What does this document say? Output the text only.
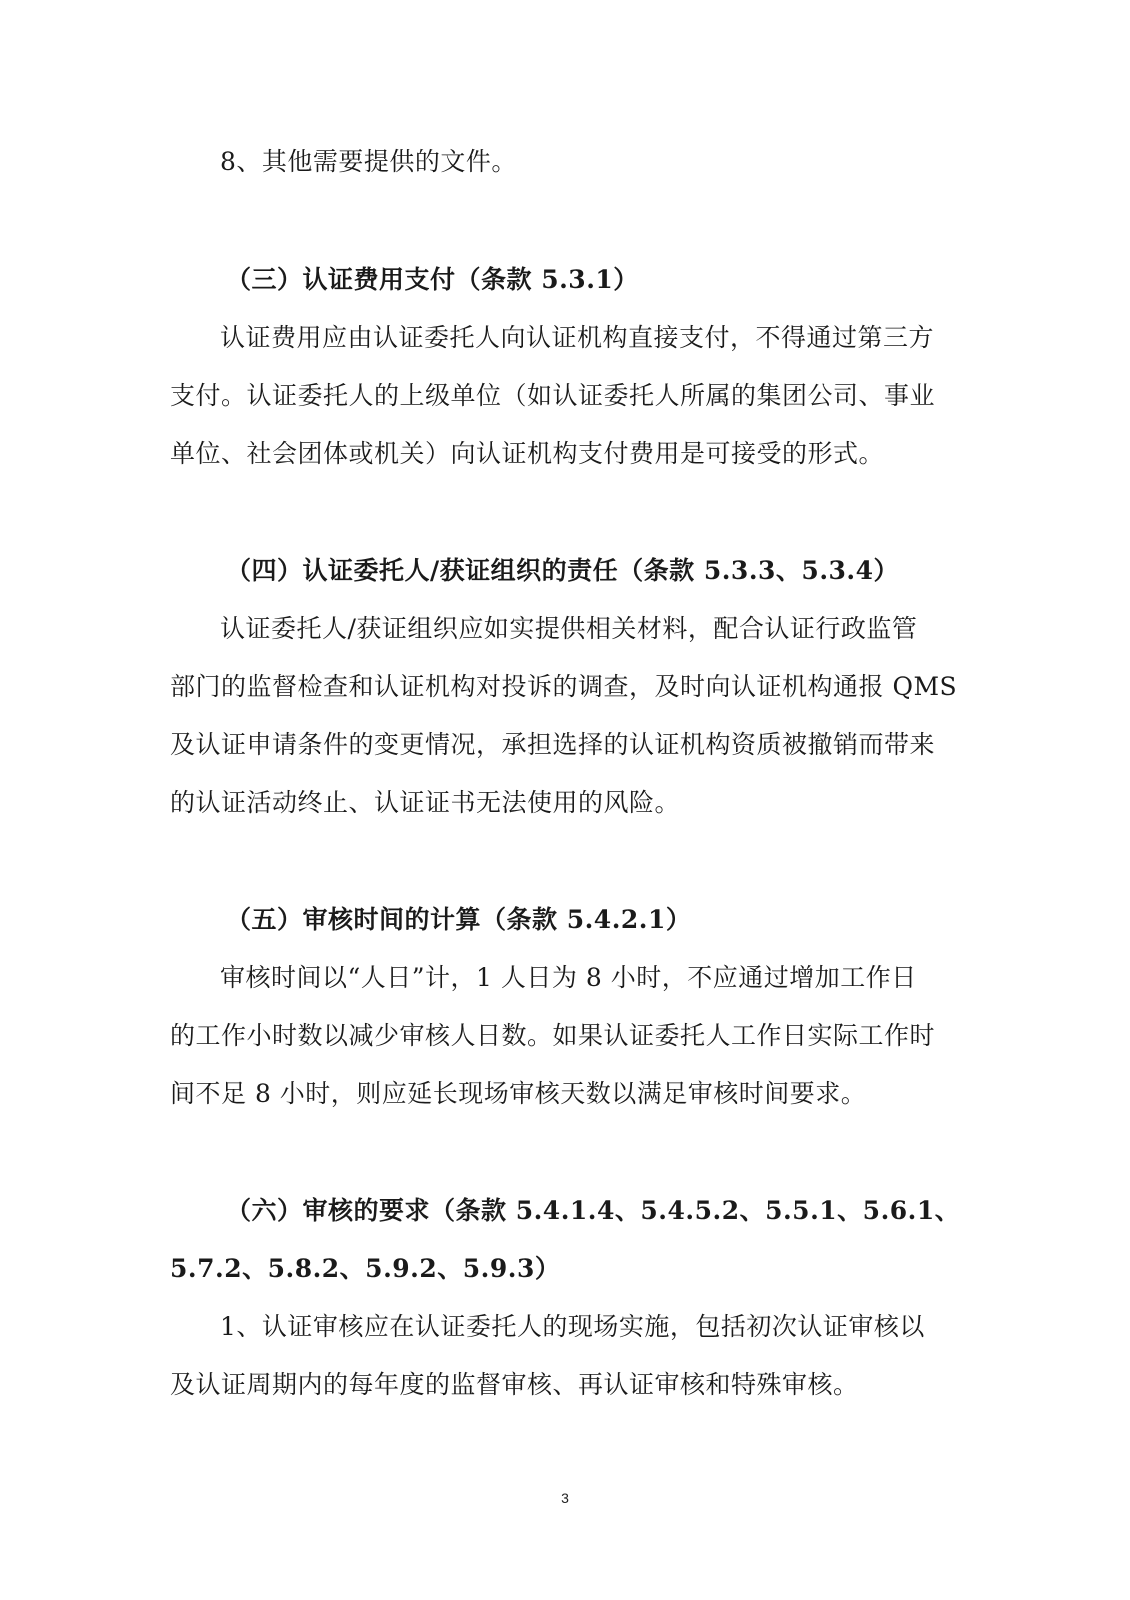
8、其他需要提供的文件。
（三）认证费用支付（条款 5.3.1）
认证费用应由认证委托人向认证机构直接支付，不得通过第三方
支付。认证委托人的上级单位（如认证委托人所属的集团公司、事业
单位、社会团体或机关）向认证机构支付费用是可接受的形式。
（四）认证委托人/获证组织的责任（条款 5.3.3、5.3.4）
认证委托人/获证组织应如实提供相关材料，配合认证行政监管
部门的监督检查和认证机构对投诉的调查，及时向认证机构通报 QMS
及认证申请条件的变更情况，承担选择的认证机构资质被撤销而带来
的认证活动终止、认证证书无法使用的风险。
（五）审核时间的计算（条款 5.4.2.1）
审核时间以“人日”计，1 人日为 8 小时，不应通过增加工作日
的工作小时数以减少审核人日数。如果认证委托人工作日实际工作时
间不足 8 小时，则应延长现场审核天数以满足审核时间要求。
（六）审核的要求（条款 5.4.1.4、5.4.5.2、5.5.1、5.6.1、
5.7.2、5.8.2、5.9.2、5.9.3）
1、认证审核应在认证委托人的现场实施，包括初次认证审核以
及认证周期内的每年度的监督审核、再认证审核和特殊审核。
3
